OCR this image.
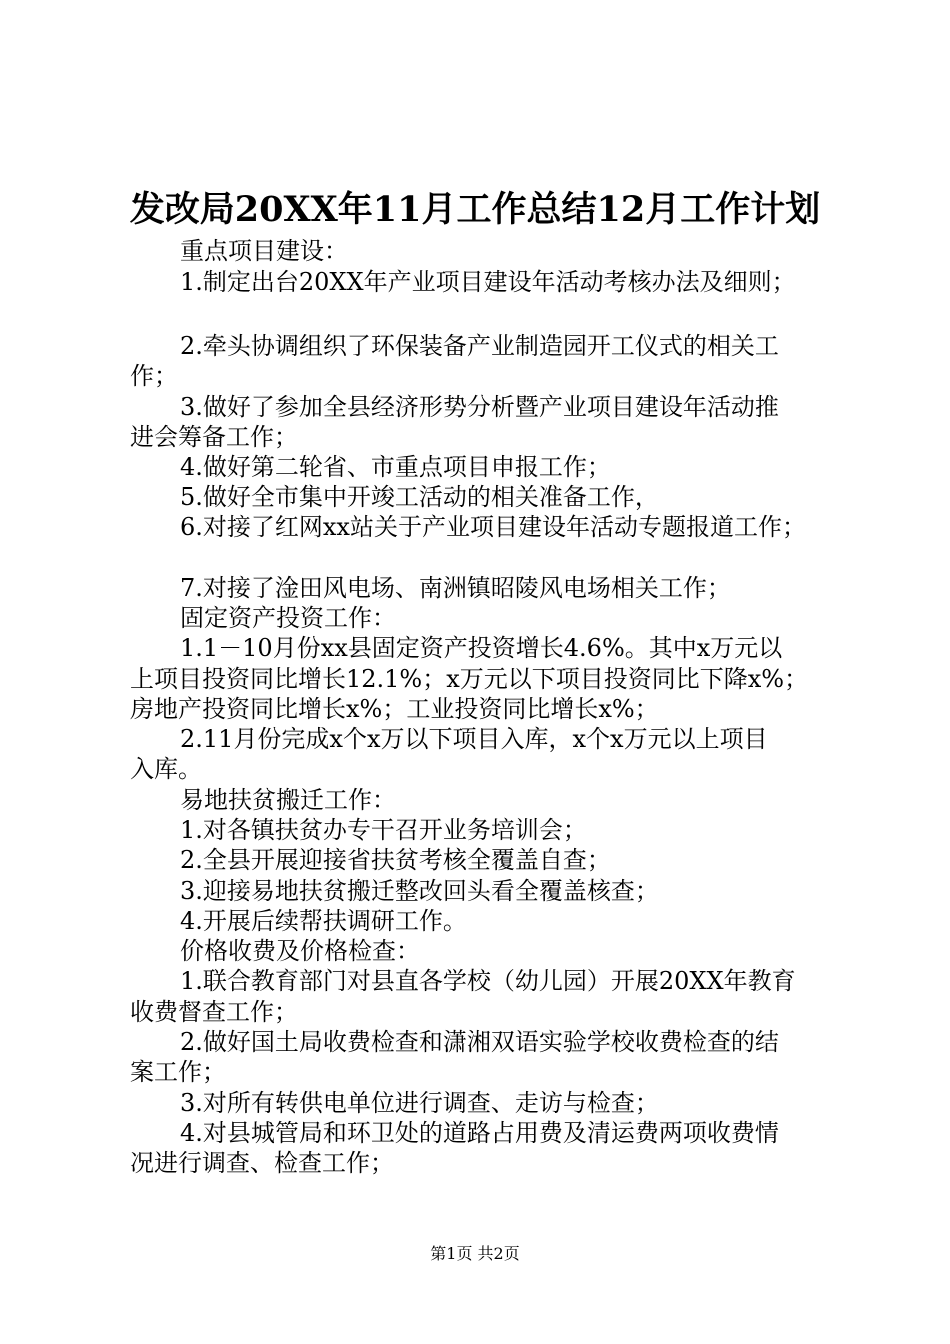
发改局20XX年11月工作总结12月工作计划
重点项目建设：
1.制定出台20XX年产业项目建设年活动考核办法及细则；
2.牵头协调组织了环保装备产业制造园开工仪式的相关工
作；
3.做好了参加全县经济形势分析暨产业项目建设年活动推
进会筹备工作；
4.做好第二轮省、市重点项目申报工作；
5.做好全市集中开竣工活动的相关准备工作，
6.对接了红网xx站关于产业项目建设年活动专题报道工作；
7.对接了淦田风电场、南洲镇昭陵风电场相关工作；
固定资产投资工作：
1.1－10月份xx县固定资产投资增长4.6%。其中x万元以
上项目投资同比增长12.1%；x万元以下项目投资同比下降x%；
房地产投资同比增长x%；工业投资同比增长x%；
2.11月份完成x个x万以下项目入库，x个x万元以上项目
入库。
易地扶贫搬迁工作：
1.对各镇扶贫办专干召开业务培训会；
2.全县开展迎接省扶贫考核全覆盖自查；
3.迎接易地扶贫搬迁整改回头看全覆盖核查；
4.开展后续帮扶调研工作。
价格收费及价格检查：
1.联合教育部门对县直各学校（幼儿园）开展20XX年教育
收费督查工作；
2.做好国土局收费检查和潇湘双语实验学校收费检查的结
案工作；
3.对所有转供电单位进行调查、走访与检查；
4.对县城管局和环卫处的道路占用费及清运费两项收费情
况进行调查、检查工作；
第1页 共2页
